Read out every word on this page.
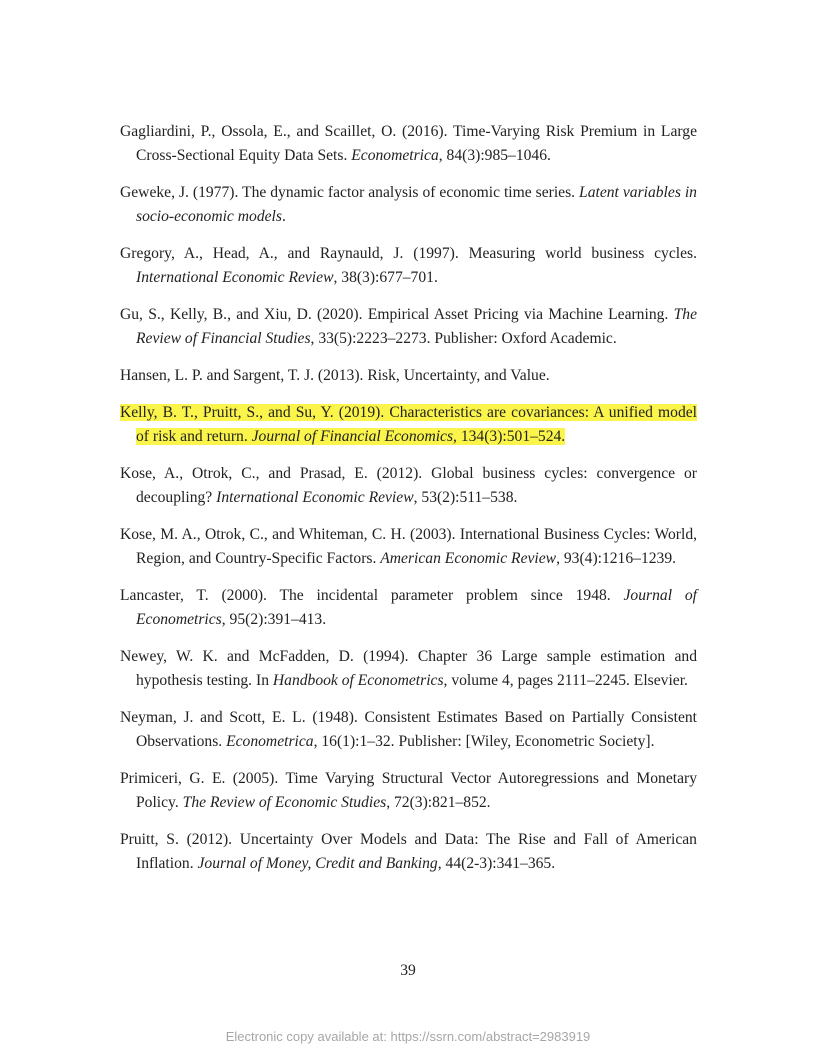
Gagliardini, P., Ossola, E., and Scaillet, O. (2016). Time-Varying Risk Premium in Large Cross-Sectional Equity Data Sets. Econometrica, 84(3):985–1046.

Geweke, J. (1977). The dynamic factor analysis of economic time series. Latent variables in socio-economic models.

Gregory, A., Head, A., and Raynauld, J. (1997). Measuring world business cycles. International Economic Review, 38(3):677–701.

Gu, S., Kelly, B., and Xiu, D. (2020). Empirical Asset Pricing via Machine Learning. The Review of Financial Studies, 33(5):2223–2273. Publisher: Oxford Academic.

Hansen, L. P. and Sargent, T. J. (2013). Risk, Uncertainty, and Value.

Kelly, B. T., Pruitt, S., and Su, Y. (2019). Characteristics are covariances: A unified model of risk and return. Journal of Financial Economics, 134(3):501–524.

Kose, A., Otrok, C., and Prasad, E. (2012). Global business cycles: convergence or decoupling? International Economic Review, 53(2):511–538.

Kose, M. A., Otrok, C., and Whiteman, C. H. (2003). International Business Cycles: World, Region, and Country-Specific Factors. American Economic Review, 93(4):1216–1239.

Lancaster, T. (2000). The incidental parameter problem since 1948. Journal of Econometrics, 95(2):391–413.

Newey, W. K. and McFadden, D. (1994). Chapter 36 Large sample estimation and hypothesis testing. In Handbook of Econometrics, volume 4, pages 2111–2245. Elsevier.

Neyman, J. and Scott, E. L. (1948). Consistent Estimates Based on Partially Consistent Observations. Econometrica, 16(1):1–32. Publisher: [Wiley, Econometric Society].

Primiceri, G. E. (2005). Time Varying Structural Vector Autoregressions and Monetary Policy. The Review of Economic Studies, 72(3):821–852.

Pruitt, S. (2012). Uncertainty Over Models and Data: The Rise and Fall of American Inflation. Journal of Money, Credit and Banking, 44(2-3):341–365.

39
Electronic copy available at: https://ssrn.com/abstract=2983919
